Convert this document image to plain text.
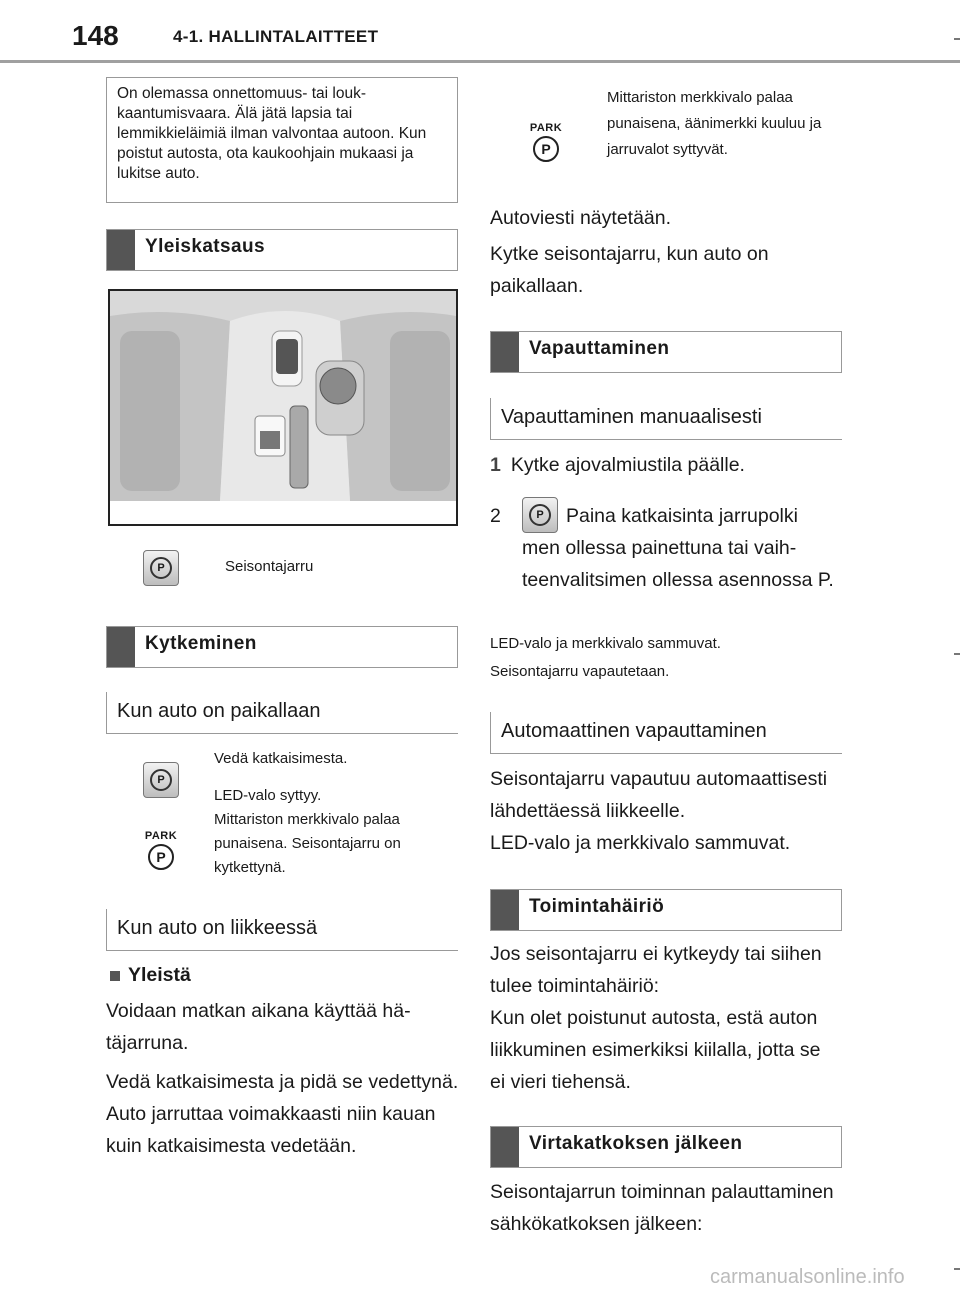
148	4-1. HALLINTALAITTEET
On olemassa onnettomuus- tai loukkaantumisvaara. Älä jätä lapsia tai lemmikkieläimiä ilman valvontaa autoon. Kun poistut autosta, ota kaukoohjain mukaasi ja lukitse auto.
Yleiskatsaus
P	Seisontajarru
Kytkeminen
Kun auto on paikallaan
P
PARK
P
Vedä katkaisimesta.
LED-valo syttyy.
Mittariston merkkivalo palaa punaisena. Seisontajarru on kytkettynä.
Kun auto on liikkeessä
Yleistä
Voidaan matkan aikana käyttää hätäjarruna.
Vedä katkaisimesta ja pidä se vedettynä. Auto jarruttaa voimakkaasti niin kauan kuin katkaisimesta vedetään.
PARK
P
Mittariston merkkivalo palaa punaisena, äänimerkki kuuluu ja jarruvalot syttyvät.
Autoviesti näytetään.
Kytke seisontajarru, kun auto on paikallaan.
Vapauttaminen
Vapauttaminen manuaalisesti
1 Kytke ajovalmiustila päälle.
2	P	Paina katkaisinta jarrupolki
men ollessa painettuna tai vaihteenvalitsimen ollessa asennossa P.
LED-valo ja merkkivalo sammuvat.
Seisontajarru vapautetaan.
Automaattinen vapauttaminen
Seisontajarru vapautuu automaattisesti lähdettäessä liikkeelle.
LED-valo ja merkkivalo sammuvat.
Toimintahäiriö
Jos seisontajarru ei kytkeydy tai siihen tulee toimintahäiriö:
Kun olet poistunut autosta, estä auton liikkuminen esimerkiksi kiilalla, jotta se ei vieri tiehensä.
Virtakatkoksen jälkeen
Seisontajarrun toiminnan palauttaminen sähkökatkoksen jälkeen:
carmanualsonline.info
